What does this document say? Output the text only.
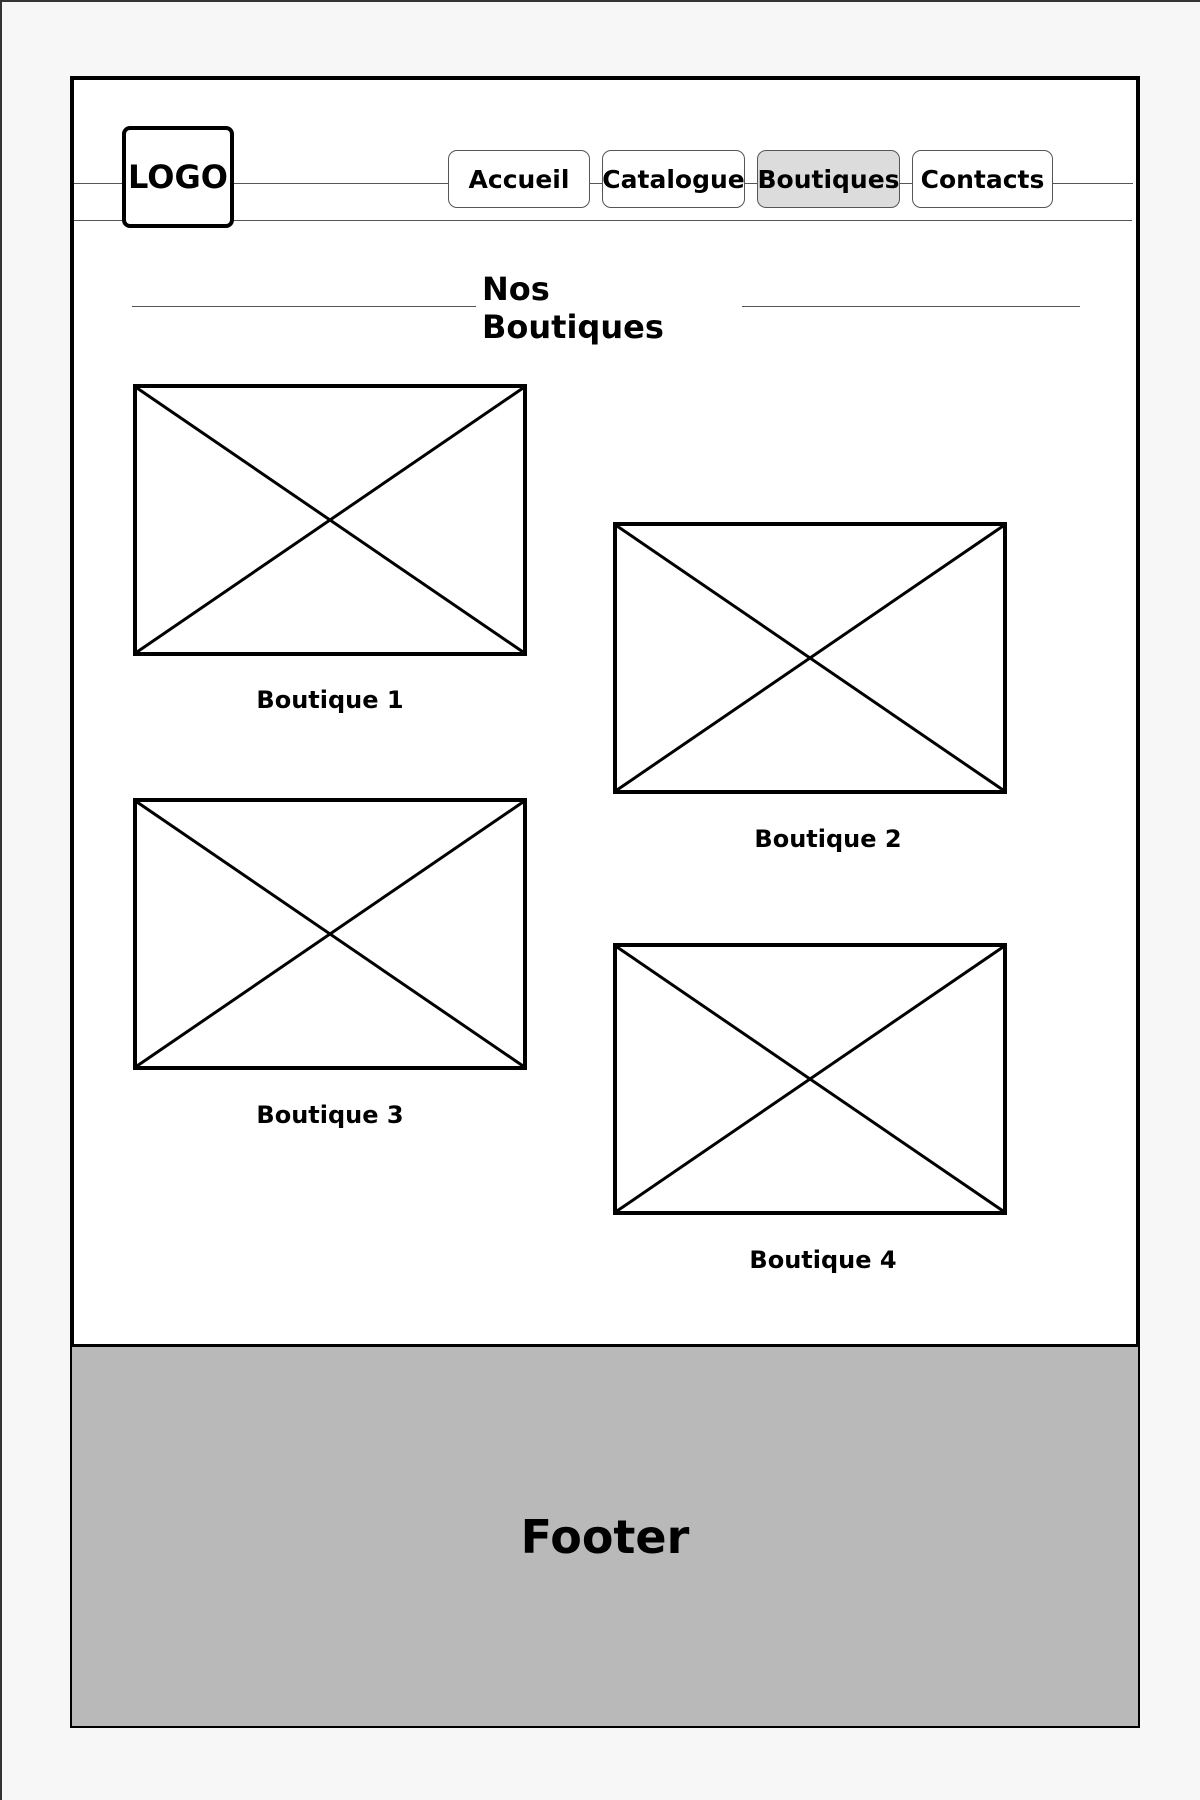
LOGO	Accueil Catalogue Boutiques Contacts
Nos Boutiques
Boutique 1
Boutique 2
Boutique 3
Boutique 4
Footer
